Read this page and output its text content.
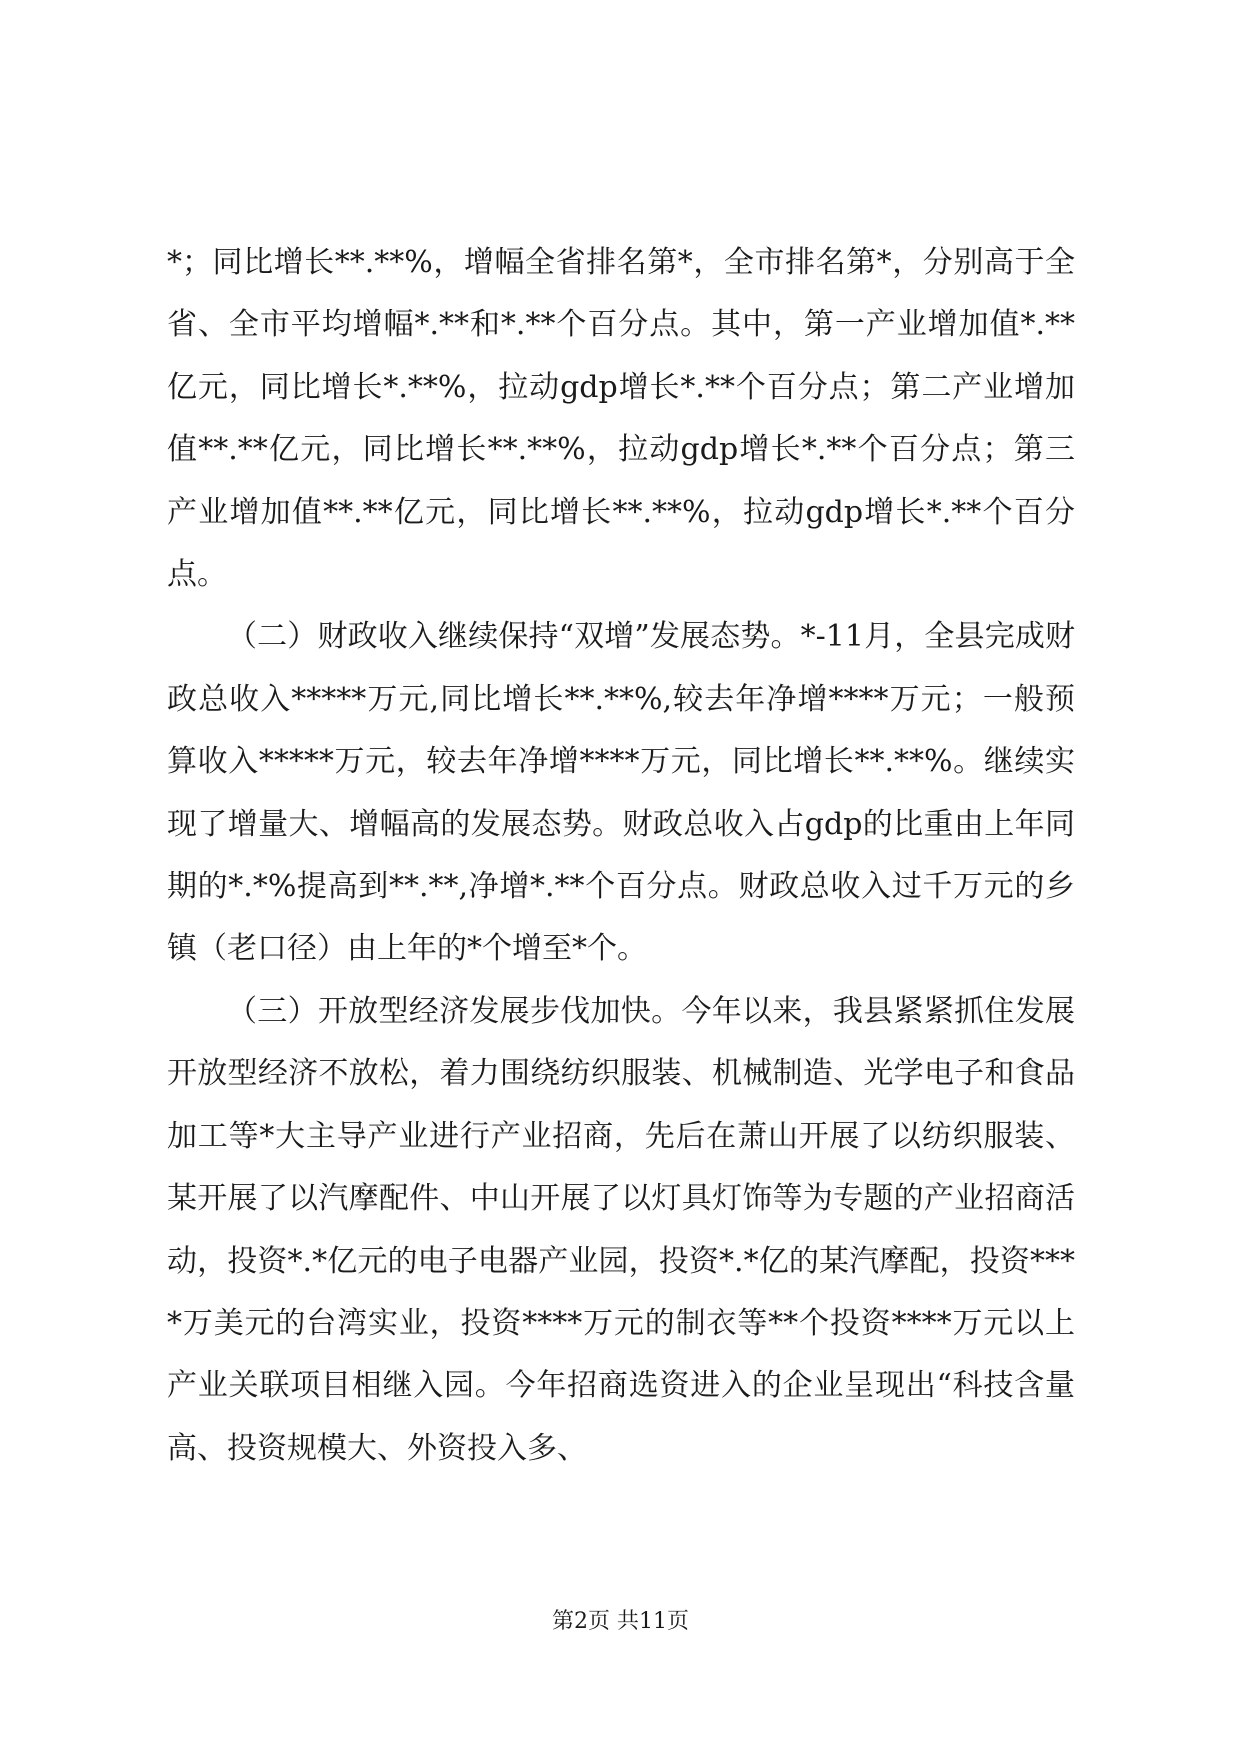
*；同比增长**.**%，增幅全省排名第*，全市排名第*，分别高于全省、全市平均增幅*.**和*.**个百分点。其中，第一产业增加值*.**亿元，同比增长*.**%，拉动gdp增长*.**个百分点；第二产业增加值**.**亿元，同比增长**.**%，拉动gdp增长*.**个百分点；第三产业增加值**.**亿元，同比增长**.**%，拉动gdp增长*.**个百分点。

（二）财政收入继续保持“双增”发展态势。*-11月，全县完成财政总收入*****万元,同比增长**.**%,较去年净增****万元；一般预算收入*****万元，较去年净增****万元，同比增长**.**%。继续实现了增量大、增幅高的发展态势。财政总收入占gdp的比重由上年同期的*.*%提高到**.**,净增*.**个百分点。财政总收入过千万元的乡镇（老口径）由上年的*个增至*个。

（三）开放型经济发展步伐加快。今年以来，我县紧紧抓住发展开放型经济不放松，着力围绕纺织服装、机械制造、光学电子和食品加工等*大主导产业进行产业招商，先后在萧山开展了以纺织服装、某开展了以汽摩配件、中山开展了以灯具灯饰等为专题的产业招商活动，投资*.*亿元的电子电器产业园，投资*.*亿的某汽摩配，投资****万美元的台湾实业，投资****万元的制衣等**个投资****万元以上产业关联项目相继入园。今年招商选资进入的企业呈现出“科技含量高、投资规模大、外资投入多、

第2页 共11页
